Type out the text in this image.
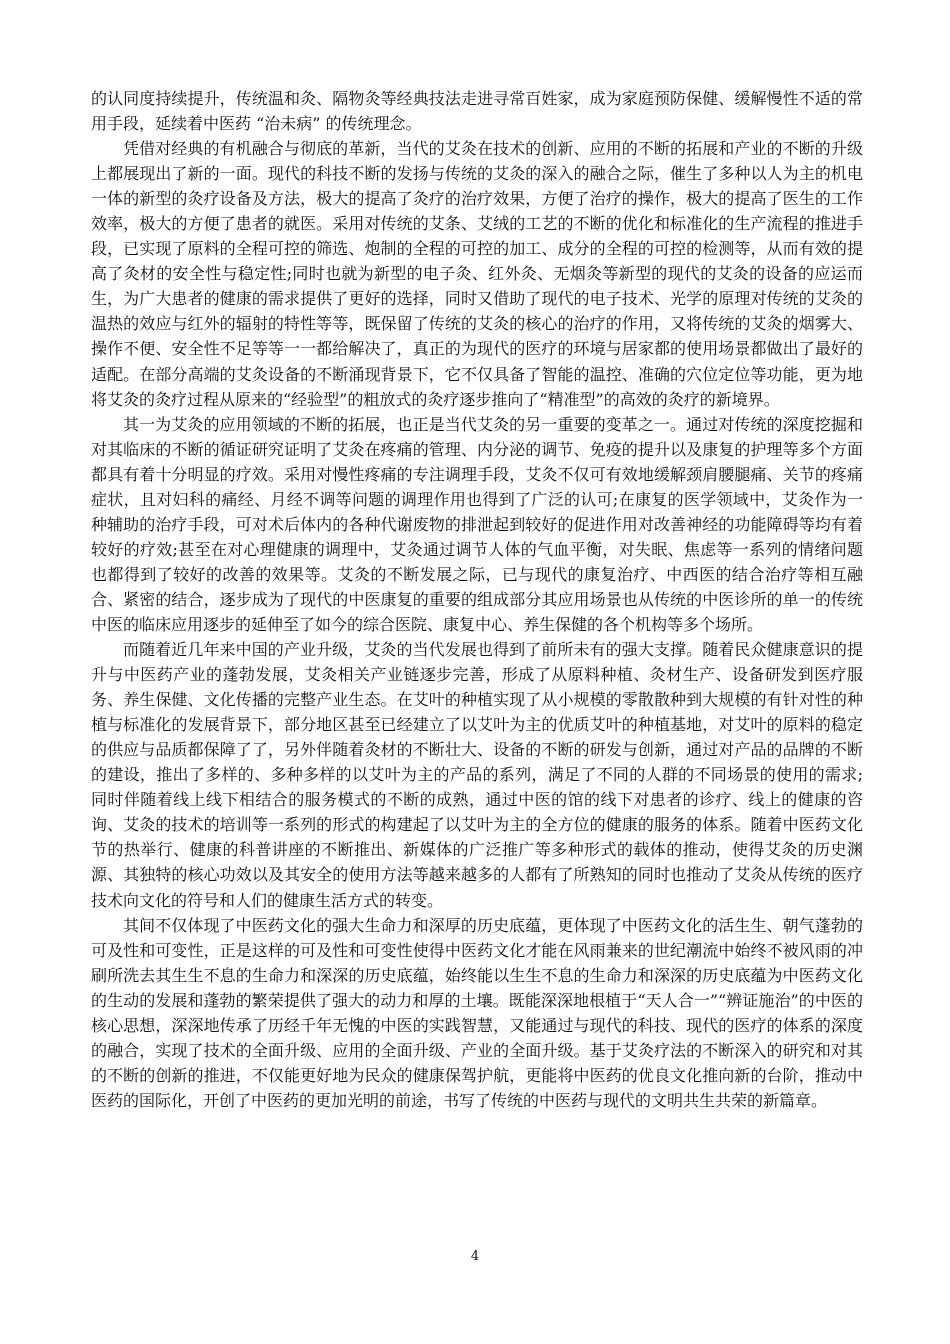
的认同度持续提升，传统温和灸、隔物灸等经典技法走进寻常百姓家，成为家庭预防保健、缓解慢性不适的常用手段，延续着中医药 “治未病” 的传统理念。

凭借对经典的有机融合与彻底的革新，当代的艾灸在技术的创新、应用的不断的拓展和产业的不断的升级上都展现出了新的一面。现代的科技不断的发扬与传统的艾灸的深入的融合之际，催生了多种以人为主的机电一体的新型的灸疗设备及方法，极大的提高了灸疗的治疗效果，方便了治疗的操作，极大的提高了医生的工作效率，极大的方便了患者的就医。采用对传统的艾条、艾绒的工艺的不断的优化和标准化的生产流程的推进手段，已实现了原料的全程可控的筛选、炮制的全程的可控的加工、成分的全程的可控的检测等，从而有效的提高了灸材的安全性与稳定性;同时也就为新型的电子灸、红外灸、无烟灸等新型的现代的艾灸的设备的应运而生，为广大患者的健康的需求提供了更好的选择，同时又借助了现代的电子技术、光学的原理对传统的艾灸的温热的效应与红外的辐射的特性等等，既保留了传统的艾灸的核心的治疗的作用，又将传统的艾灸的烟雾大、操作不便、安全性不足等等一一都给解决了，真正的为现代的医疗的环境与居家都的使用场景都做出了最好的适配。在部分高端的艾灸设备的不断涌现背景下，它不仅具备了智能的温控、准确的穴位定位等功能，更为地将艾灸的灸疗过程从原来的“经验型”的粗放式的灸疗逐步推向了“精准型”的高效的灸疗的新境界。

其一为艾灸的应用领域的不断的拓展，也正是当代艾灸的另一重要的变革之一。通过对传统的深度挖掘和对其临床的不断的循证研究证明了艾灸在疼痛的管理、内分泌的调节、免疫的提升以及康复的护理等多个方面都具有着十分明显的疗效。采用对慢性疼痛的专注调理手段，艾灸不仅可有效地缓解颈肩腰腿痛、关节的疼痛症状，且对妇科的痛经、月经不调等问题的调理作用也得到了广泛的认可;在康复的医学领域中，艾灸作为一种辅助的治疗手段，可对术后体内的各种代谢废物的排泄起到较好的促进作用对改善神经的功能障碍等均有着较好的疗效;甚至在对心理健康的调理中，艾灸通过调节人体的气血平衡，对失眠、焦虑等一系列的情绪问题也都得到了较好的改善的效果等。艾灸的不断发展之际，已与现代的康复治疗、中西医的结合治疗等相互融合、紧密的结合，逐步成为了现代的中医康复的重要的组成部分其应用场景也从传统的中医诊所的单一的传统中医的临床应用逐步的延伸至了如今的综合医院、康复中心、养生保健的各个机构等多个场所。

而随着近几年来中国的产业升级，艾灸的当代发展也得到了前所未有的强大支撑。随着民众健康意识的提升与中医药产业的蓬勃发展，艾灸相关产业链逐步完善，形成了从原料种植、灸材生产、设备研发到医疗服务、养生保健、文化传播的完整产业生态。在艾叶的种植实现了从小规模的零散散种到大规模的有针对性的种植与标准化的发展背景下，部分地区甚至已经建立了以艾叶为主的优质艾叶的种植基地，对艾叶的原料的稳定的供应与品质都保障了了，另外伴随着灸材的不断壮大、设备的不断的研发与创新，通过对产品的品牌的不断的建设，推出了多样的、多种多样的以艾叶为主的产品的系列，满足了不同的人群的不同场景的使用的需求;同时伴随着线上线下相结合的服务模式的不断的成熟，通过中医的馆的线下对患者的诊疗、线上的健康的咨询、艾灸的技术的培训等一系列的形式的构建起了以艾叶为主的全方位的健康的服务的体系。随着中医药文化节的热举行、健康的科普讲座的不断推出、新媒体的广泛推广等多种形式的载体的推动，使得艾灸的历史渊源、其独特的核心功效以及其安全的使用方法等越来越多的人都有了所熟知的同时也推动了艾灸从传统的医疗技术向文化的符号和人们的健康生活方式的转变。

其间不仅体现了中医药文化的强大生命力和深厚的历史底蕴，更体现了中医药文化的活生生、朝气蓬勃的可及性和可变性，正是这样的可及性和可变性使得中医药文化才能在风雨兼来的世纪潮流中始终不被风雨的冲刷所洗去其生生不息的生命力和深深的历史底蕴，始终能以生生不息的生命力和深深的历史底蕴为中医药文化的生动的发展和蓬勃的繁荣提供了强大的动力和厚的土壤。既能深深地根植于“天人合一”“辨证施治”的中医的核心思想，深深地传承了历经千年无愧的中医的实践智慧，又能通过与现代的科技、现代的医疗的体系的深度的融合，实现了技术的全面升级、应用的全面升级、产业的全面升级。基于艾灸疗法的不断深入的研究和对其的不断的创新的推进，不仅能更好地为民众的健康保驾护航，更能将中医药的优良文化推向新的台阶，推动中医药的国际化，开创了中医药的更加光明的前途，书写了传统的中医药与现代的文明共生共荣的新篇章。

4
